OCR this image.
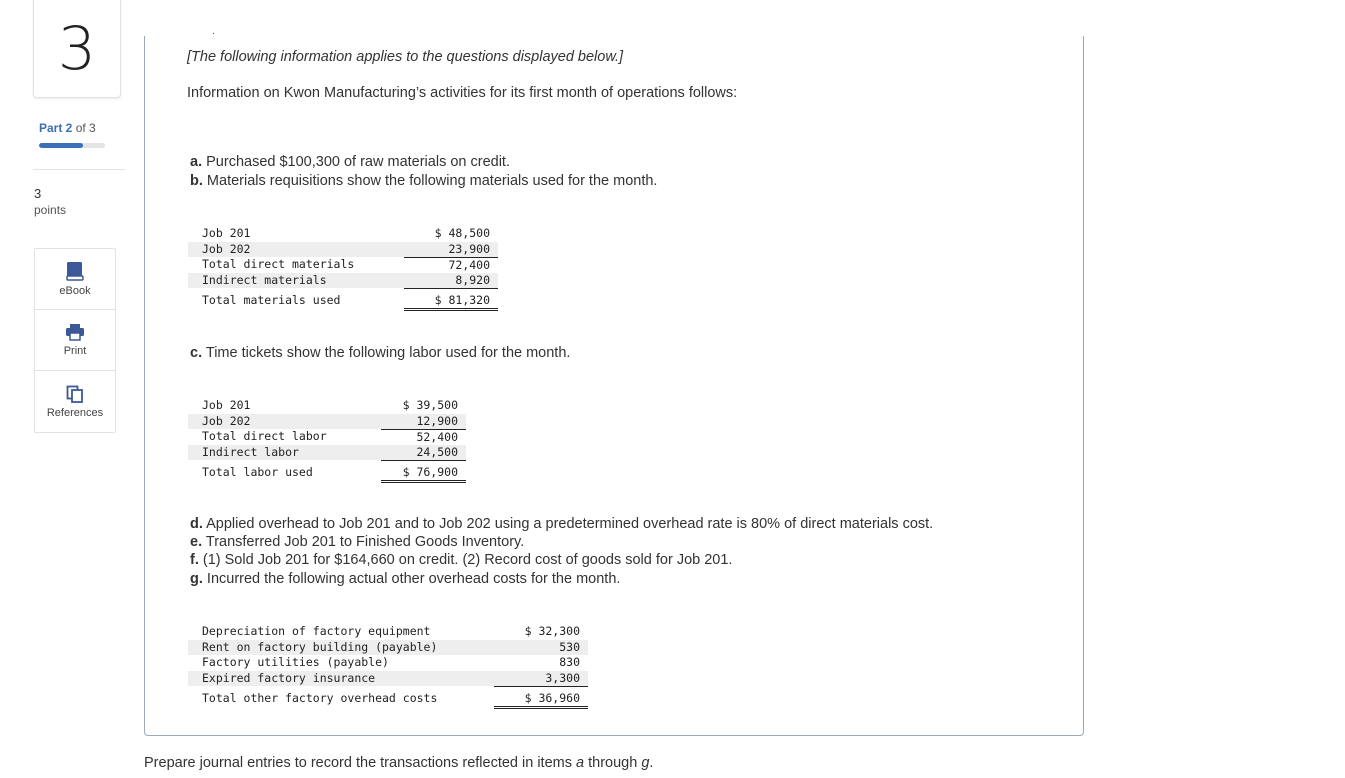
3
Part 2 of 3
3
points
eBook
Print
References
.
[The following information applies to the questions displayed below.]
Information on Kwon Manufacturing’s activities for its first month of operations follows:
a. Purchased $100,300 of raw materials on credit.
b. Materials requisitions show the following materials used for the month.
Job 201	$ 48,500
Job 202	23,900
Total direct materials	72,400
Indirect materials	8,920
Total materials used	$ 81,320
c. Time tickets show the following labor used for the month.
Job 201	$ 39,500
Job 202	12,900
Total direct labor	52,400
Indirect labor	24,500
Total labor used	$ 76,900
d. Applied overhead to Job 201 and to Job 202 using a predetermined overhead rate is 80% of direct materials cost.
e. Transferred Job 201 to Finished Goods Inventory.
f. (1) Sold Job 201 for $164,660 on credit. (2) Record cost of goods sold for Job 201.
g. Incurred the following actual other overhead costs for the month.
Depreciation of factory equipment	$ 32,300
Rent on factory building (payable)	530
Factory utilities (payable)	830
Expired factory insurance	3,300
Total other factory overhead costs	$ 36,960
Prepare journal entries to record the transactions reflected in items a through g.
